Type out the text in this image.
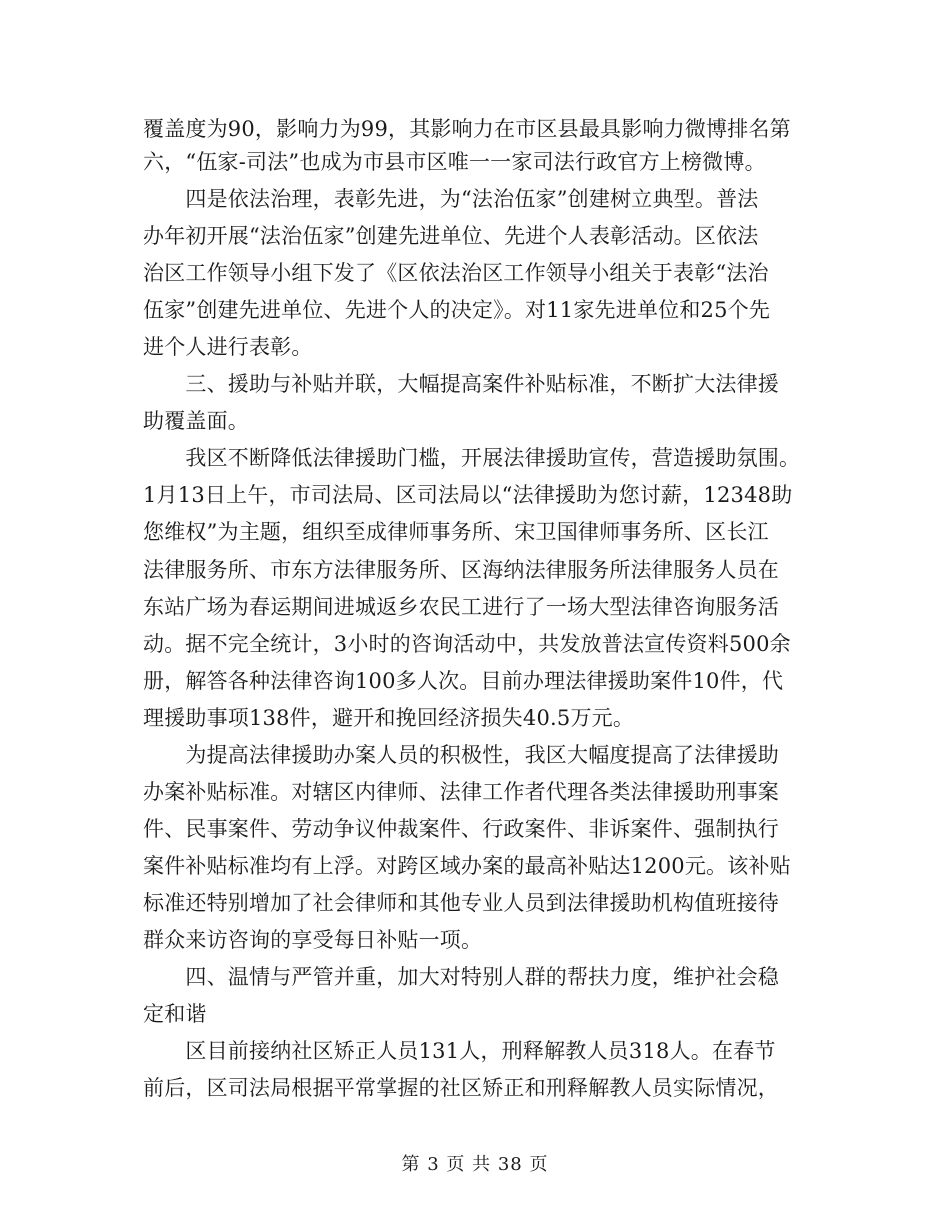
覆盖度为90，影响力为99，其影响力在市区县最具影响力微博排名第
六，“伍家-司法”也成为市县市区唯一一家司法行政官方上榜微博。
　　四是依法治理，表彰先进，为“法治伍家”创建树立典型。普法
办年初开展“法治伍家”创建先进单位、先进个人表彰活动。区依法
治区工作领导小组下发了《区依法治区工作领导小组关于表彰“法治
伍家”创建先进单位、先进个人的决定》。对11家先进单位和25个先
进个人进行表彰。
　　三、援助与补贴并联，大幅提高案件补贴标准，不断扩大法律援
助覆盖面。
　　我区不断降低法律援助门槛，开展法律援助宣传，营造援助氛围。
1月13日上午，市司法局、区司法局以“法律援助为您讨薪，12348助
您维权”为主题，组织至成律师事务所、宋卫国律师事务所、区长江
法律服务所、市东方法律服务所、区海纳法律服务所法律服务人员在
东站广场为春运期间进城返乡农民工进行了一场大型法律咨询服务活
动。据不完全统计，3小时的咨询活动中，共发放普法宣传资料500余
册，解答各种法律咨询100多人次。目前办理法律援助案件10件，代
理援助事项138件，避开和挽回经济损失40.5万元。
　　为提高法律援助办案人员的积极性，我区大幅度提高了法律援助
办案补贴标准。对辖区内律师、法律工作者代理各类法律援助刑事案
件、民事案件、劳动争议仲裁案件、行政案件、非诉案件、强制执行
案件补贴标准均有上浮。对跨区域办案的最高补贴达1200元。该补贴
标准还特别增加了社会律师和其他专业人员到法律援助机构值班接待
群众来访咨询的享受每日补贴一项。
　　四、温情与严管并重，加大对特别人群的帮扶力度，维护社会稳
定和谐
　　区目前接纳社区矫正人员131人，刑释解教人员318人。在春节
前后，区司法局根据平常掌握的社区矫正和刑释解教人员实际情况，
第 3 页 共 38 页
